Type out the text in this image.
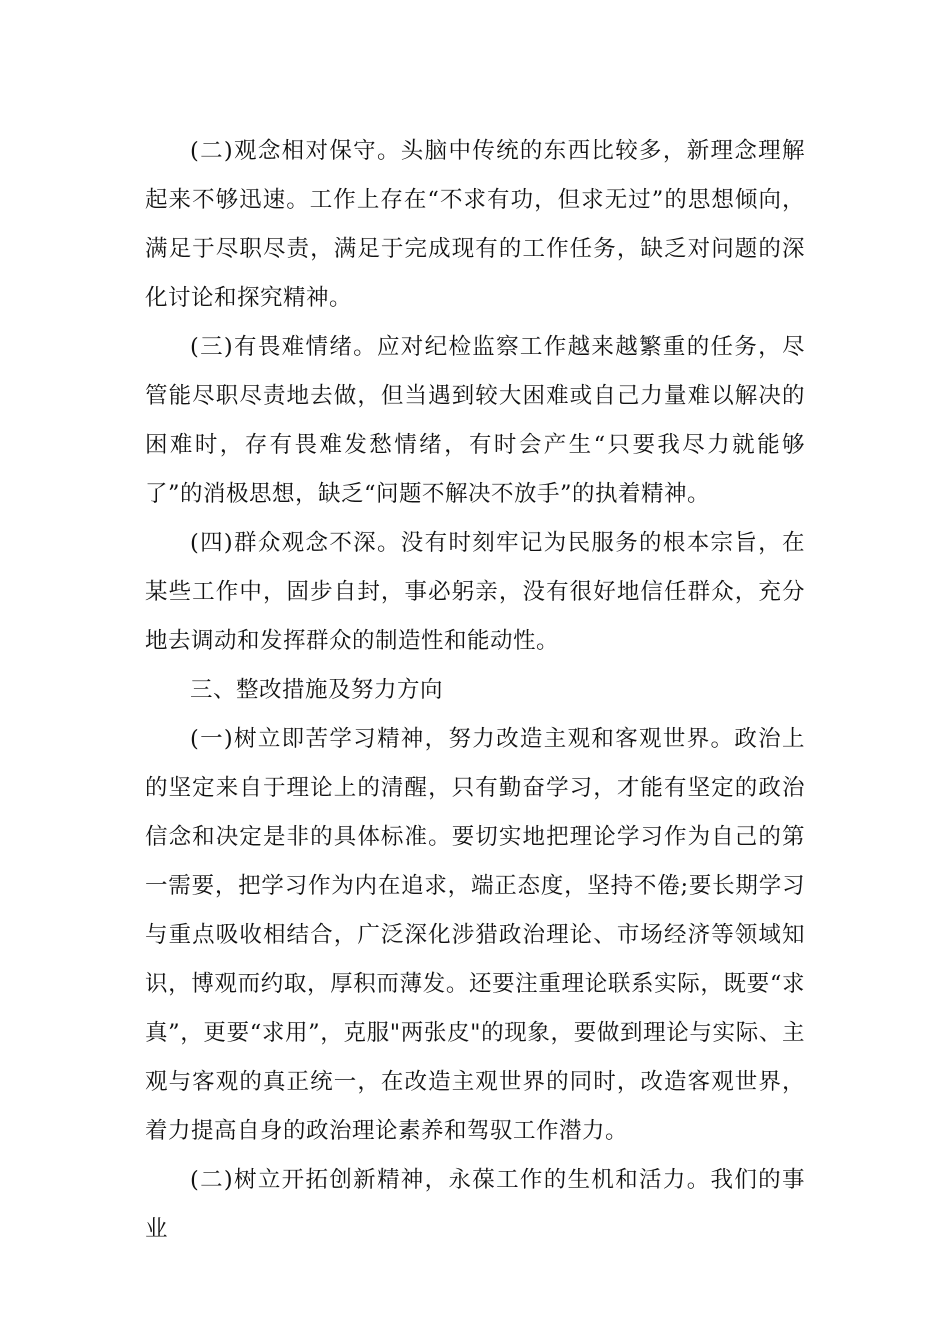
(二)观念相对保守。头脑中传统的东西比较多，新理念理解起来不够迅速。工作上存在“不求有功，但求无过”的思想倾向，满足于尽职尽责，满足于完成现有的工作任务，缺乏对问题的深化讨论和探究精神。

(三)有畏难情绪。应对纪检监察工作越来越繁重的任务，尽管能尽职尽责地去做，但当遇到较大困难或自己力量难以解决的困难时，存有畏难发愁情绪，有时会产生“只要我尽力就能够了”的消极思想，缺乏“问题不解决不放手”的执着精神。

(四)群众观念不深。没有时刻牢记为民服务的根本宗旨，在某些工作中，固步自封，事必躬亲，没有很好地信任群众，充分地去调动和发挥群众的制造性和能动性。

三、整改措施及努力方向

(一)树立即苦学习精神，努力改造主观和客观世界。政治上的坚定来自于理论上的清醒，只有勤奋学习，才能有坚定的政治信念和决定是非的具体标准。要切实地把理论学习作为自己的第一需要，把学习作为内在追求，端正态度，坚持不倦;要长期学习与重点吸收相结合，广泛深化涉猎政治理论、市场经济等领域知识，博观而约取，厚积而薄发。还要注重理论联系实际，既要“求真”，更要“求用”，克服"两张皮"的现象，要做到理论与实际、主观与客观的真正统一，在改造主观世界的同时，改造客观世界，着力提高自身的政治理论素养和驾驭工作潜力。

(二)树立开拓创新精神，永葆工作的生机和活力。我们的事业
